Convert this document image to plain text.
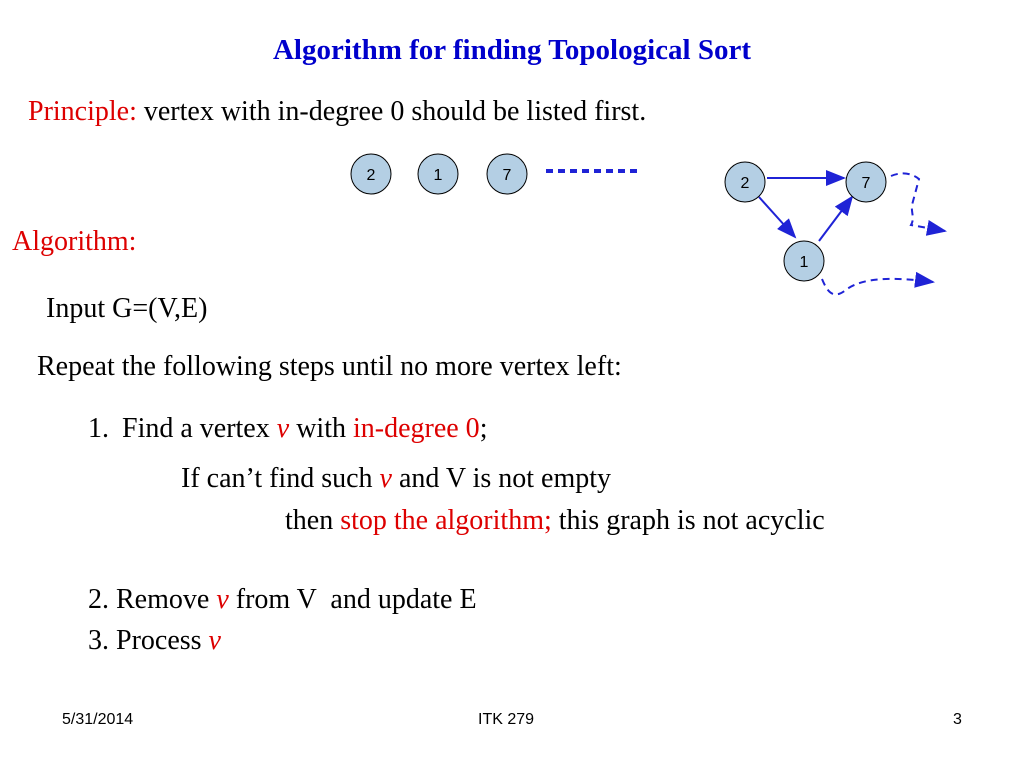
Algorithm for finding Topological Sort
Principle: vertex with in-degree 0 should be listed first.
2	1	7
Algorithm:
2	7
1
Input G=(V,E)
Repeat the following steps until no more vertex left:
1. Find a vertex v with in-degree 0;
If can’t find such v and V is not empty
then stop the algorithm; this graph is not acyclic
2. Remove v from V  and update E
3. Process v
5/31/2014	ITK 279	3
